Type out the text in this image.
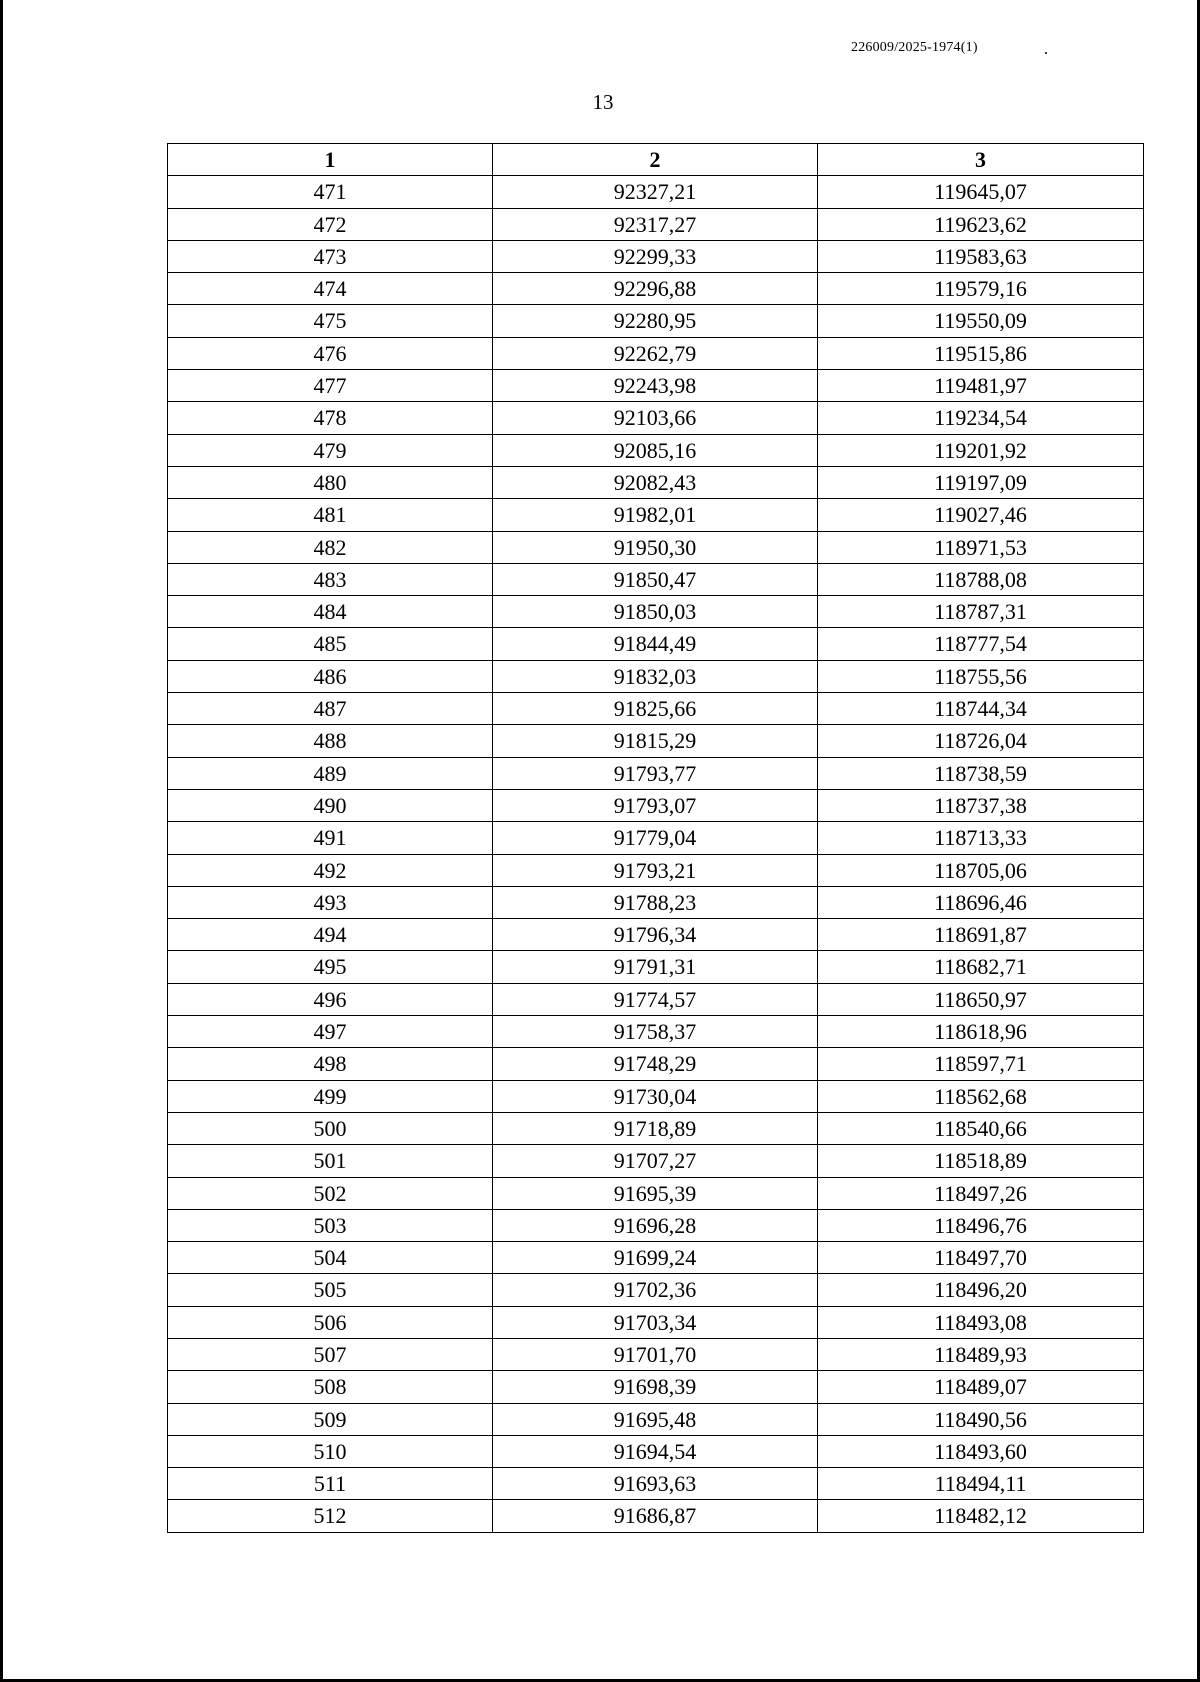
226009/2025-1974(1)
13
1	2	3
471	92327,21	119645,07
472	92317,27	119623,62
473	92299,33	119583,63
474	92296,88	119579,16
475	92280,95	119550,09
476	92262,79	119515,86
477	92243,98	119481,97
478	92103,66	119234,54
479	92085,16	119201,92
480	92082,43	119197,09
481	91982,01	119027,46
482	91950,30	118971,53
483	91850,47	118788,08
484	91850,03	118787,31
485	91844,49	118777,54
486	91832,03	118755,56
487	91825,66	118744,34
488	91815,29	118726,04
489	91793,77	118738,59
490	91793,07	118737,38
491	91779,04	118713,33
492	91793,21	118705,06
493	91788,23	118696,46
494	91796,34	118691,87
495	91791,31	118682,71
496	91774,57	118650,97
497	91758,37	118618,96
498	91748,29	118597,71
499	91730,04	118562,68
500	91718,89	118540,66
501	91707,27	118518,89
502	91695,39	118497,26
503	91696,28	118496,76
504	91699,24	118497,70
505	91702,36	118496,20
506	91703,34	118493,08
507	91701,70	118489,93
508	91698,39	118489,07
509	91695,48	118490,56
510	91694,54	118493,60
511	91693,63	118494,11
512	91686,87	118482,12
